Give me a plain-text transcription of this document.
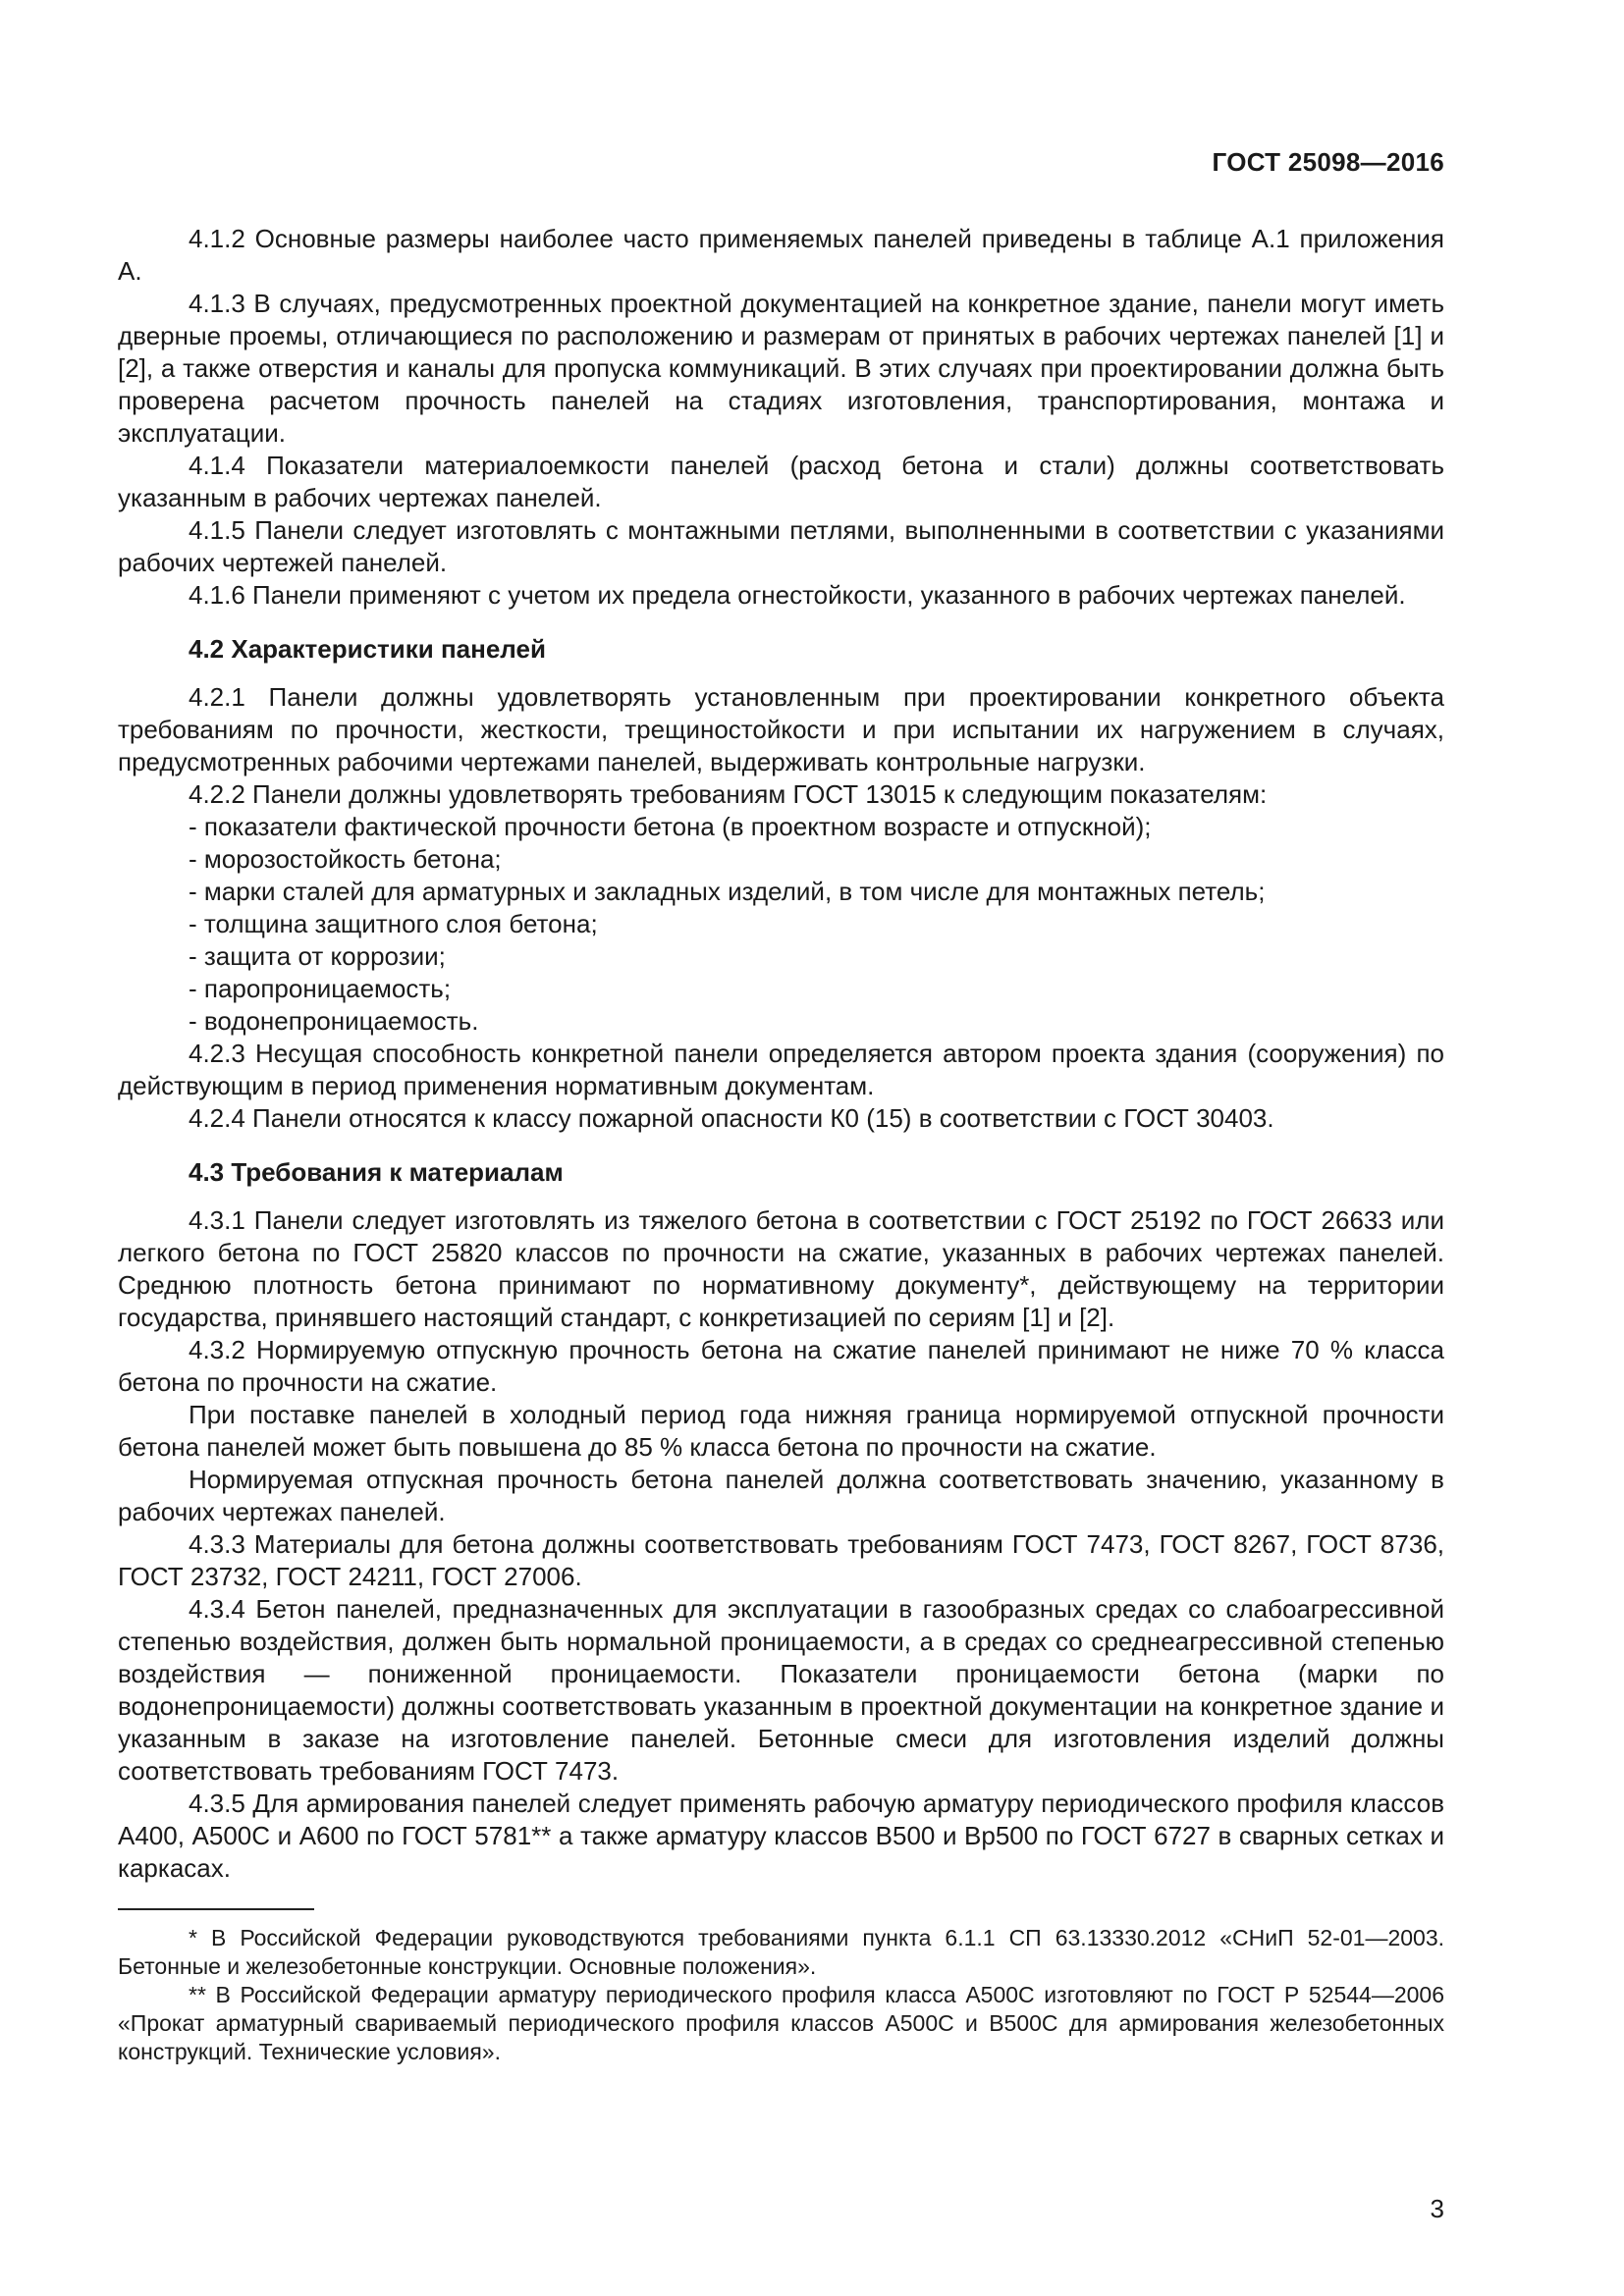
ГОСТ 25098—2016

4.1.2 Основные размеры наиболее часто применяемых панелей приведены в таблице А.1 приложения А.

4.1.3 В случаях, предусмотренных проектной документацией на конкретное здание, панели могут иметь дверные проемы, отличающиеся по расположению и размерам от принятых в рабочих чертежах панелей [1] и [2], а также отверстия и каналы для пропуска коммуникаций. В этих случаях при проектировании должна быть проверена расчетом прочность панелей на стадиях изготовления, транспортирования, монтажа и эксплуатации.

4.1.4 Показатели материалоемкости панелей (расход бетона и стали) должны соответствовать указанным в рабочих чертежах панелей.

4.1.5 Панели следует изготовлять с монтажными петлями, выполненными в соответствии с указаниями рабочих чертежей панелей.

4.1.6 Панели применяют с учетом их предела огнестойкости, указанного в рабочих чертежах панелей.

4.2 Характеристики панелей

4.2.1 Панели должны удовлетворять установленным при проектировании конкретного объекта требованиям по прочности, жесткости, трещиностойкости и при испытании их нагружением в случаях, предусмотренных рабочими чертежами панелей, выдерживать контрольные нагрузки.

4.2.2 Панели должны удовлетворять требованиям ГОСТ 13015 к следующим показателям:

- показатели фактической прочности бетона (в проектном возрасте и отпускной);

- морозостойкость бетона;

- марки сталей для арматурных и закладных изделий, в том числе для монтажных петель;

- толщина защитного слоя бетона;

- защита от коррозии;

- паропроницаемость;

- водонепроницаемость.

4.2.3 Несущая способность конкретной панели определяется автором проекта здания (сооружения) по действующим в период применения нормативным документам.

4.2.4 Панели относятся к классу пожарной опасности К0 (15) в соответствии с ГОСТ 30403.

4.3 Требования к материалам

4.3.1 Панели следует изготовлять из тяжелого бетона в соответствии с ГОСТ 25192 по ГОСТ 26633 или легкого бетона по ГОСТ 25820 классов по прочности на сжатие, указанных в рабочих чертежах панелей. Среднюю плотность бетона принимают по нормативному документу*, действующему на территории государства, принявшего настоящий стандарт, с конкретизацией по сериям [1] и [2].

4.3.2 Нормируемую отпускную прочность бетона на сжатие панелей принимают не ниже 70 % класса бетона по прочности на сжатие.

При поставке панелей в холодный период года нижняя граница нормируемой отпускной прочности бетона панелей может быть повышена до 85 % класса бетона по прочности на сжатие.

Нормируемая отпускная прочность бетона панелей должна соответствовать значению, указанному в рабочих чертежах панелей.

4.3.3 Материалы для бетона должны соответствовать требованиям ГОСТ 7473, ГОСТ 8267, ГОСТ 8736, ГОСТ 23732, ГОСТ 24211, ГОСТ 27006.

4.3.4 Бетон панелей, предназначенных для эксплуатации в газообразных средах со слабоагрессивной степенью воздействия, должен быть нормальной проницаемости, а в средах со среднеагрессивной степенью воздействия — пониженной проницаемости. Показатели проницаемости бетона (марки по водонепроницаемости) должны соответствовать указанным в проектной документации на конкретное здание и указанным в заказе на изготовление панелей. Бетонные смеси для изготовления изделий должны соответствовать требованиям ГОСТ 7473.

4.3.5 Для армирования панелей следует применять рабочую арматуру периодического профиля классов А400, А500С и А600 по ГОСТ 5781** а также арматуру классов В500 и Вр500 по ГОСТ 6727 в сварных сетках и каркасах.

* В Российской Федерации руководствуются требованиями пункта 6.1.1 СП 63.13330.2012 «СНиП 52-01—2003. Бетонные и железобетонные конструкции. Основные положения».

** В Российской Федерации арматуру периодического профиля класса А500С изготовляют по ГОСТ Р 52544—2006 «Прокат арматурный свариваемый периодического профиля классов А500С и В500С для армирования железобетонных конструкций. Технические условия».

3
